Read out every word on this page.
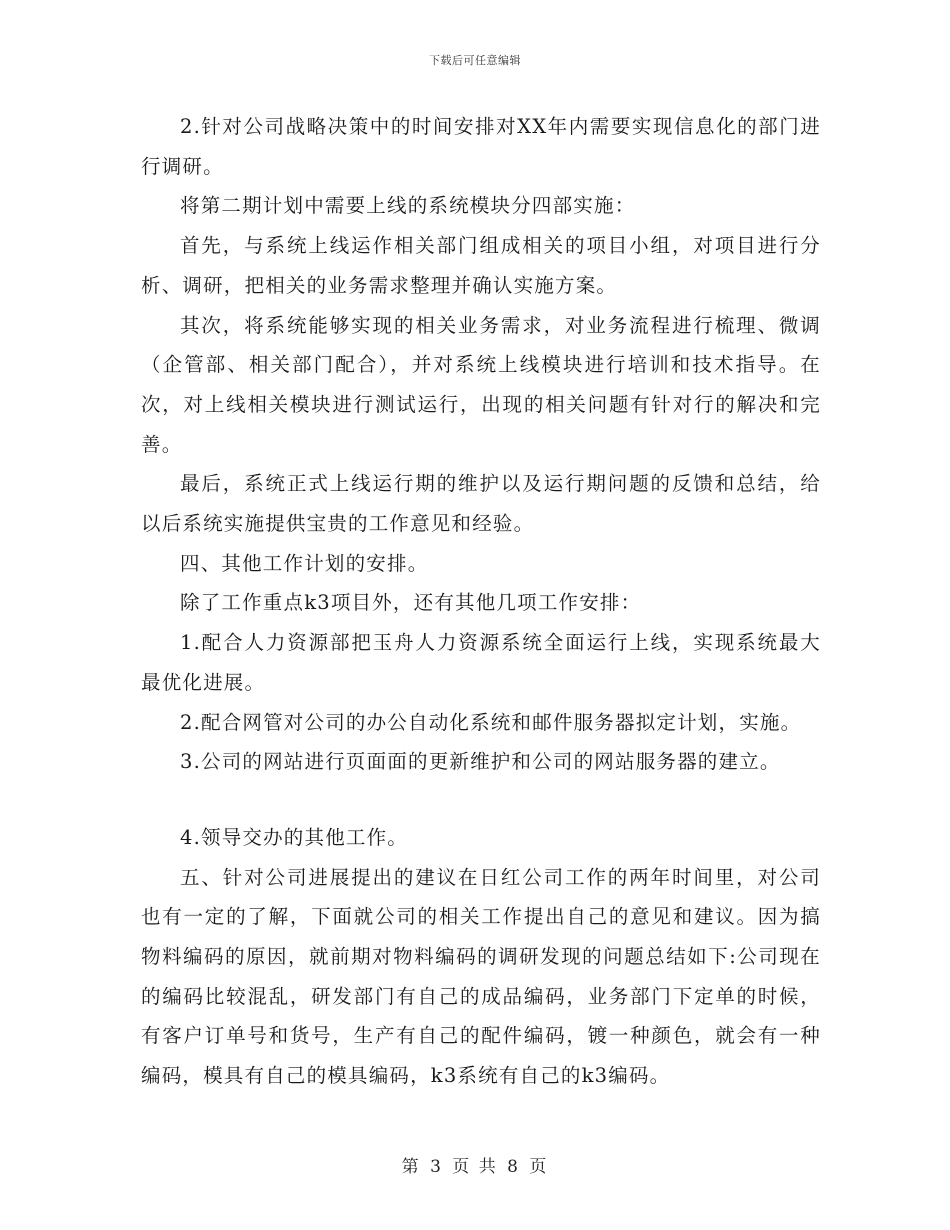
下载后可任意编辑

2.针对公司战略决策中的时间安排对XX年内需要实现信息化的部门进行调研。

将第二期计划中需要上线的系统模块分四部实施：

首先，与系统上线运作相关部门组成相关的项目小组，对项目进行分析、调研，把相关的业务需求整理并确认实施方案。

其次，将系统能够实现的相关业务需求，对业务流程进行梳理、微调（企管部、相关部门配合），并对系统上线模块进行培训和技术指导。在次，对上线相关模块进行测试运行，出现的相关问题有针对行的解决和完善。

最后，系统正式上线运行期的维护以及运行期问题的反馈和总结，给以后系统实施提供宝贵的工作意见和经验。

四、其他工作计划的安排。

除了工作重点k3项目外，还有其他几项工作安排：

1.配合人力资源部把玉舟人力资源系统全面运行上线，实现系统最大最优化进展。

2.配合网管对公司的办公自动化系统和邮件服务器拟定计划，实施。

3.公司的网站进行页面面的更新维护和公司的网站服务器的建立。

4.领导交办的其他工作。

五、针对公司进展提出的建议在日红公司工作的两年时间里，对公司也有一定的了解，下面就公司的相关工作提出自己的意见和建议。因为搞物料编码的原因，就前期对物料编码的调研发现的问题总结如下:公司现在的编码比较混乱，研发部门有自己的成品编码，业务部门下定单的时候，有客户订单号和货号，生产有自己的配件编码，镀一种颜色，就会有一种编码，模具有自己的模具编码，k3系统有自己的k3编码。

第 3 页 共 8 页
